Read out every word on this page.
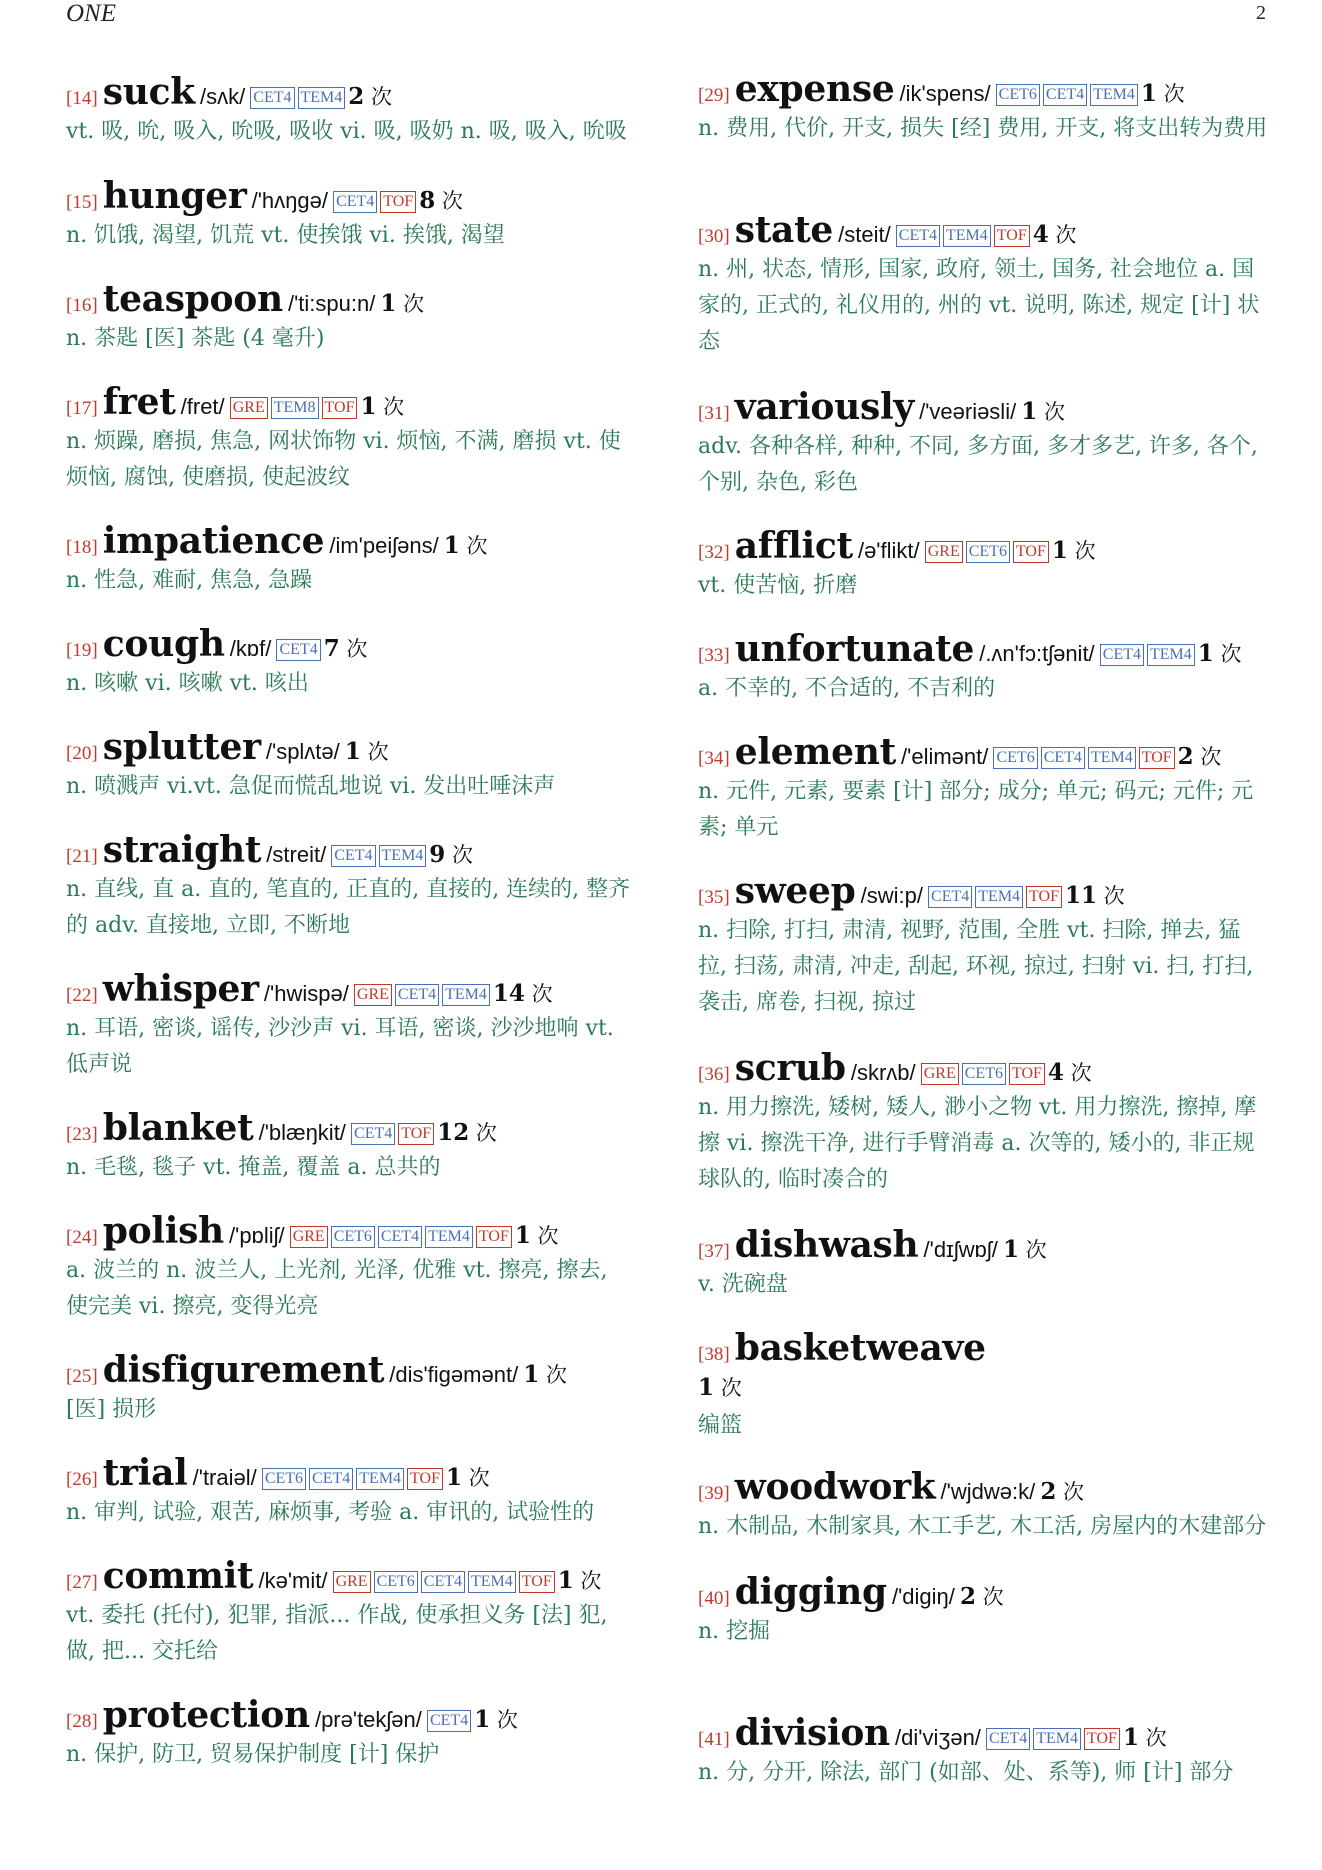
ONE	2
[14] suck /sʌk/ CET4 TEM4 2 次

vt. 吸, 吮, 吸入, 吮吸, 吸收 vi. 吸, 吸奶 n. 吸, 吸入, 吮吸

[15] hunger /'hʌŋgə/ CET4 TOF 8 次

n. 饥饿, 渴望, 饥荒 vt. 使挨饿 vi. 挨饿, 渴望

[16] teaspoon /'ti:spu:n/ 1 次

n. 茶匙 [医] 茶匙 (4 毫升)

[17] fret /fret/ GRE TEM8 TOF 1 次

n. 烦躁, 磨损, 焦急, 网状饰物 vi. 烦恼, 不满, 磨损 vt. 使烦恼, 腐蚀, 使磨损, 使起波纹

[18] impatience /im'peiʃəns/ 1 次

n. 性急, 难耐, 焦急, 急躁

[19] cough /kɒf/ CET4 7 次

n. 咳嗽 vi. 咳嗽 vt. 咳出

[20] splutter /'splʌtə/ 1 次

n. 喷溅声 vi.vt. 急促而慌乱地说 vi. 发出吐唾沫声

[21] straight /streit/ CET4 TEM4 9 次

n. 直线, 直 a. 直的, 笔直的, 正直的, 直接的, 连续的, 整齐的 adv. 直接地, 立即, 不断地

[22] whisper /'hwispə/ GRE CET4 TEM4 14 次

n. 耳语, 密谈, 谣传, 沙沙声 vi. 耳语, 密谈, 沙沙地响 vt. 低声说

[23] blanket /'blæŋkit/ CET4 TOF 12 次

n. 毛毯, 毯子 vt. 掩盖, 覆盖 a. 总共的

[24] polish /'pɒliʃ/ GRE CET6 CET4 TEM4 TOF 1 次

a. 波兰的 n. 波兰人, 上光剂, 光泽, 优雅 vt. 擦亮, 擦去, 使完美 vi. 擦亮, 变得光亮

[25] disfigurement /dis'figəmənt/ 1 次

[医] 损形

[26] trial /'traiəl/ CET6 CET4 TEM4 TOF 1 次

n. 审判, 试验, 艰苦, 麻烦事, 考验 a. 审讯的, 试验性的

[27] commit /kə'mit/ GRE CET6 CET4 TEM4 TOF 1 次

vt. 委托 (托付), 犯罪, 指派... 作战, 使承担义务 [法] 犯, 做, 把... 交托给

[28] protection /prə'tekʃən/ CET4 1 次

n. 保护, 防卫, 贸易保护制度 [计] 保护

[29] expense /ik'spens/ CET6 CET4 TEM4 1 次

n. 费用, 代价, 开支, 损失 [经] 费用, 开支, 将支出转为费用

[30] state /steit/ CET4 TEM4 TOF 4 次

n. 州, 状态, 情形, 国家, 政府, 领土, 国务, 社会地位 a. 国家的, 正式的, 礼仪用的, 州的 vt. 说明, 陈述, 规定 [计] 状态

[31] variously /'veəriəsli/ 1 次

adv. 各种各样, 种种, 不同, 多方面, 多才多艺, 许多, 各个, 个别, 杂色, 彩色

[32] afflict /ə'flikt/ GRE CET6 TOF 1 次

vt. 使苦恼, 折磨

[33] unfortunate /.ʌn'fɔ:tʃənit/ CET4 TEM4 1 次

a. 不幸的, 不合适的, 不吉利的

[34] element /'elimənt/ CET6 CET4 TEM4 TOF 2 次

n. 元件, 元素, 要素 [计] 部分; 成分; 单元; 码元; 元件; 元素; 单元

[35] sweep /swi:p/ CET4 TEM4 TOF 11 次

n. 扫除, 打扫, 肃清, 视野, 范围, 全胜 vt. 扫除, 掸去, 猛拉, 扫荡, 肃清, 冲走, 刮起, 环视, 掠过, 扫射 vi. 扫, 打扫, 袭击, 席卷, 扫视, 掠过

[36] scrub /skrʌb/ GRE CET6 TOF 4 次

n. 用力擦洗, 矮树, 矮人, 渺小之物 vt. 用力擦洗, 擦掉, 摩擦 vi. 擦洗干净, 进行手臂消毒 a. 次等的, 矮小的, 非正规球队的, 临时凑合的

[37] dishwash /'dɪʃwɒʃ/ 1 次

v. 洗碗盘

[38] basketweave
1 次

编篮

[39] woodwork /'wjdwə:k/ 2 次

n. 木制品, 木制家具, 木工手艺, 木工活, 房屋内的木建部分

[40] digging /'digiŋ/ 2 次

n. 挖掘

[41] division /di'viʒən/ CET4 TEM4 TOF 1 次

n. 分, 分开, 除法, 部门 (如部、处、系等), 师 [计] 部分
